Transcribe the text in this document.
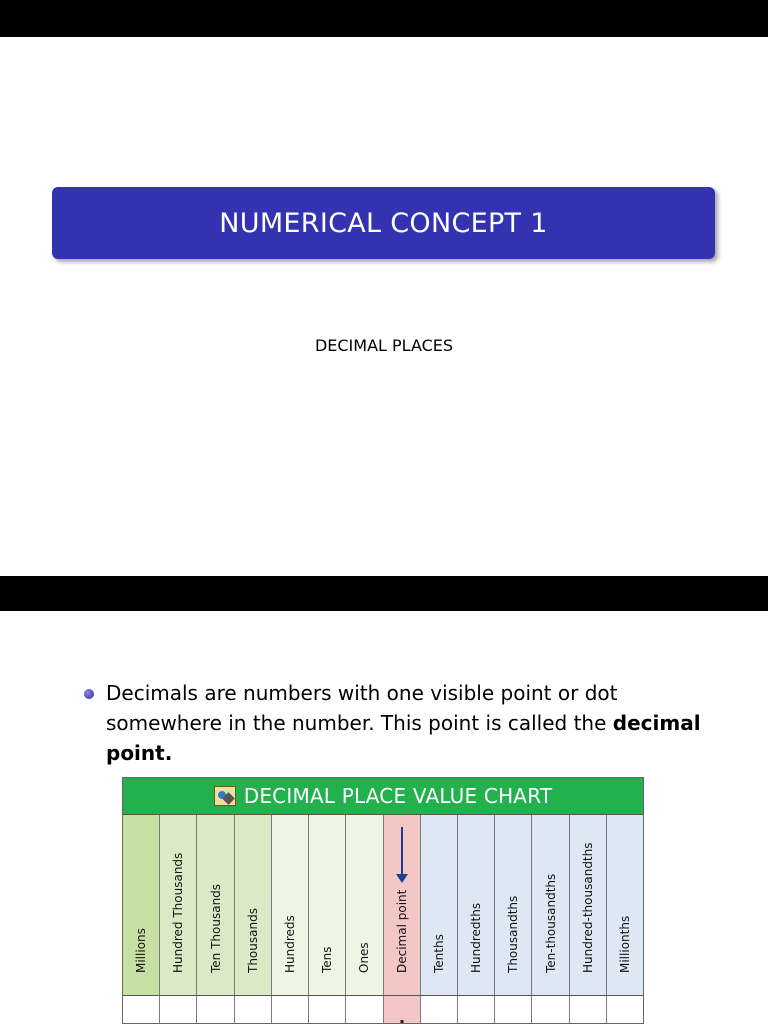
NUMERICAL CONCEPT 1
DECIMAL PLACES
Decimals are numbers with one visible point or dot somewhere in the number. This point is called the decimal point.
DECIMAL PLACE VALUE CHART
Millions Hundred Thousands Ten Thousands Thousands Hundreds Tens Ones Decimal point Tenths Hundredths Thousandths Ten-thousandths Hundred-thousandths Millionths
